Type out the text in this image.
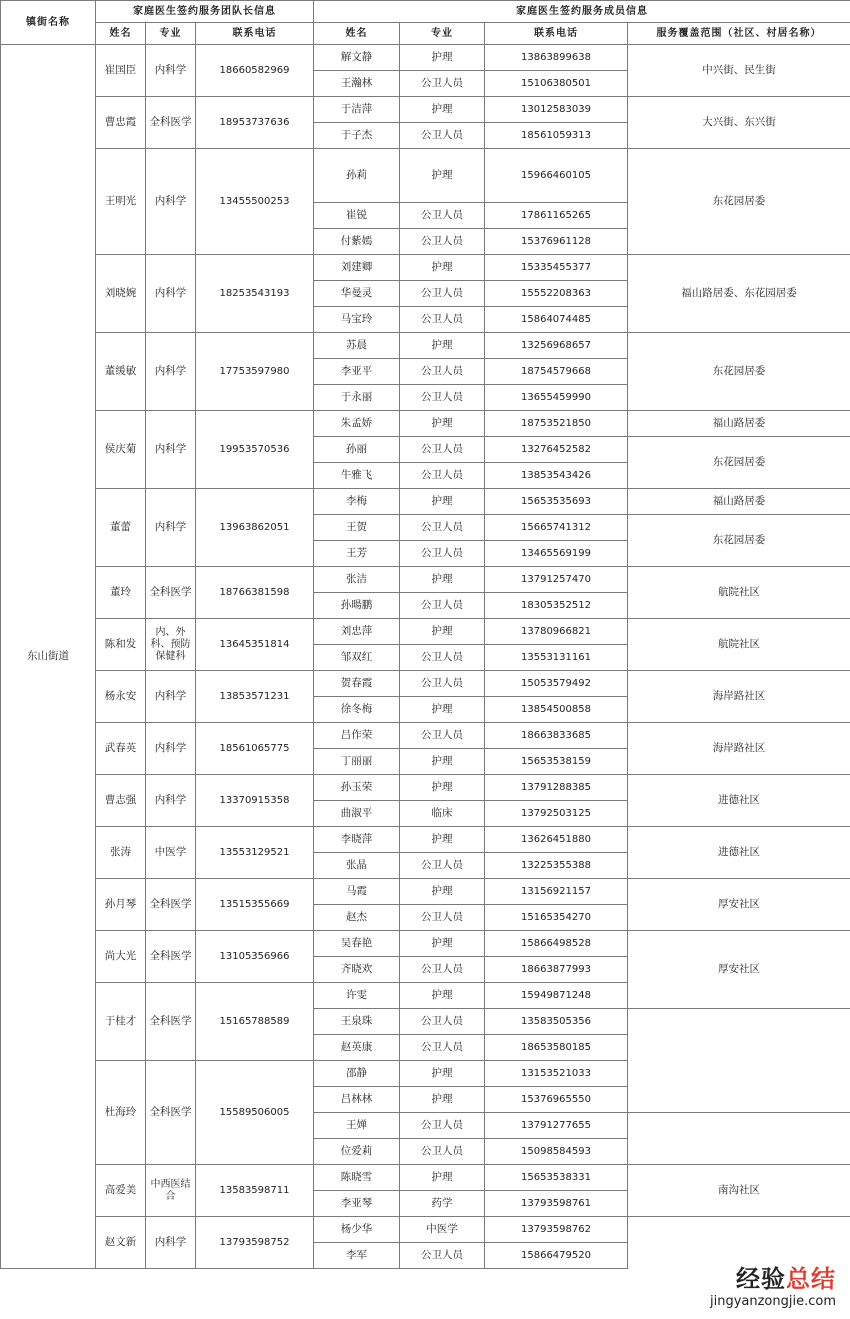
镇街名称	家庭医生签约服务团队长信息			家庭医生签约服务成员信息			
	姓名	专业	联系电话	姓名	专业	联系电话	服务覆盖范围（社区、村居名称）
东山街道	崔国臣	内科学	18660582969	解文静	护理	13863899638	中兴街、民生街
				王瀚林	公卫人员	15106380501	
	曹忠霞	全科医学	18953737636	于洁萍	护理	13012583039	大兴街、东兴街
				于子杰	公卫人员	18561059313	
	王明光	内科学	13455500253	孙莉	护理	15966460105	东花园居委
				崔锐	公卫人员	17861165265	
				付紫嫣	公卫人员	15376961128	
	刘晓婉	内科学	18253543193	刘建卿	护理	15335455377	福山路居委、东花园居委
				华曼灵	公卫人员	15552208363	
				马宝玲	公卫人员	15864074485	
	董缓敏	内科学	17753597980	苏晨	护理	13256968657	东花园居委
				李亚平	公卫人员	18754579668	
				于永丽	公卫人员	13655459990	
	侯庆菊	内科学	19953570536	朱孟娇	护理	18753521850	福山路居委
				孙丽	公卫人员	13276452582	东花园居委
				牛雅飞	公卫人员	13853543426	
	董蕾	内科学	13963862051	李梅	护理	15653535693	福山路居委
				王贺	公卫人员	15665741312	东花园居委
				王芳	公卫人员	13465569199	
	董玲	全科医学	18766381598	张洁	护理	13791257470	航院社区
				孙暘鹏	公卫人员	18305352512	
	陈和发	内、外科、预防保健科	13645351814	刘忠萍	护理	13780966821	航院社区
				邹双红	公卫人员	13553131161	
	杨永安	内科学	13853571231	贺春霞	公卫人员	15053579492	海岸路社区
				徐冬梅	护理	13854500858	
	武春英	内科学	18561065775	吕作荣	公卫人员	18663833685	海岸路社区
				丁丽丽	护理	15653538159	
	曹志强	内科学	13370915358	孙玉荣	护理	13791288385	进德社区
				曲淑平	临床	13792503125	
	张涛	中医学	13553129521	李晓萍	护理	13626451880	进德社区
				张晶	公卫人员	13225355388	
	孙月琴	全科医学	13515355669	马霞	护理	13156921157	厚安社区
				赵杰	公卫人员	15165354270	
	尚大光	全科医学	13105356966	吴春艳	护理	15866498528	厚安社区
				齐晓欢	公卫人员	18663877993	
	于桂才	全科医学	15165788589	许雯	护理	15949871248	
				王泉珠	公卫人员	13583505356	
				赵英康	公卫人员	18653580185	
	杜海玲	全科医学	15589506005	邵静	护理	13153521033	
				吕林林	护理	15376965550	
				王婵	公卫人员	13791277655	
				位爱莉	公卫人员	15098584593	
	高爱美	中西医结合	13583598711	陈晓雪	护理	15653538331	南沟社区
				李亚琴	药学	13793598761	
	赵文新	内科学	13793598752	杨少华	中医学	13793598762	
				李军	公卫人员	15866479520	
经验总结
jingyanzongjie.com
